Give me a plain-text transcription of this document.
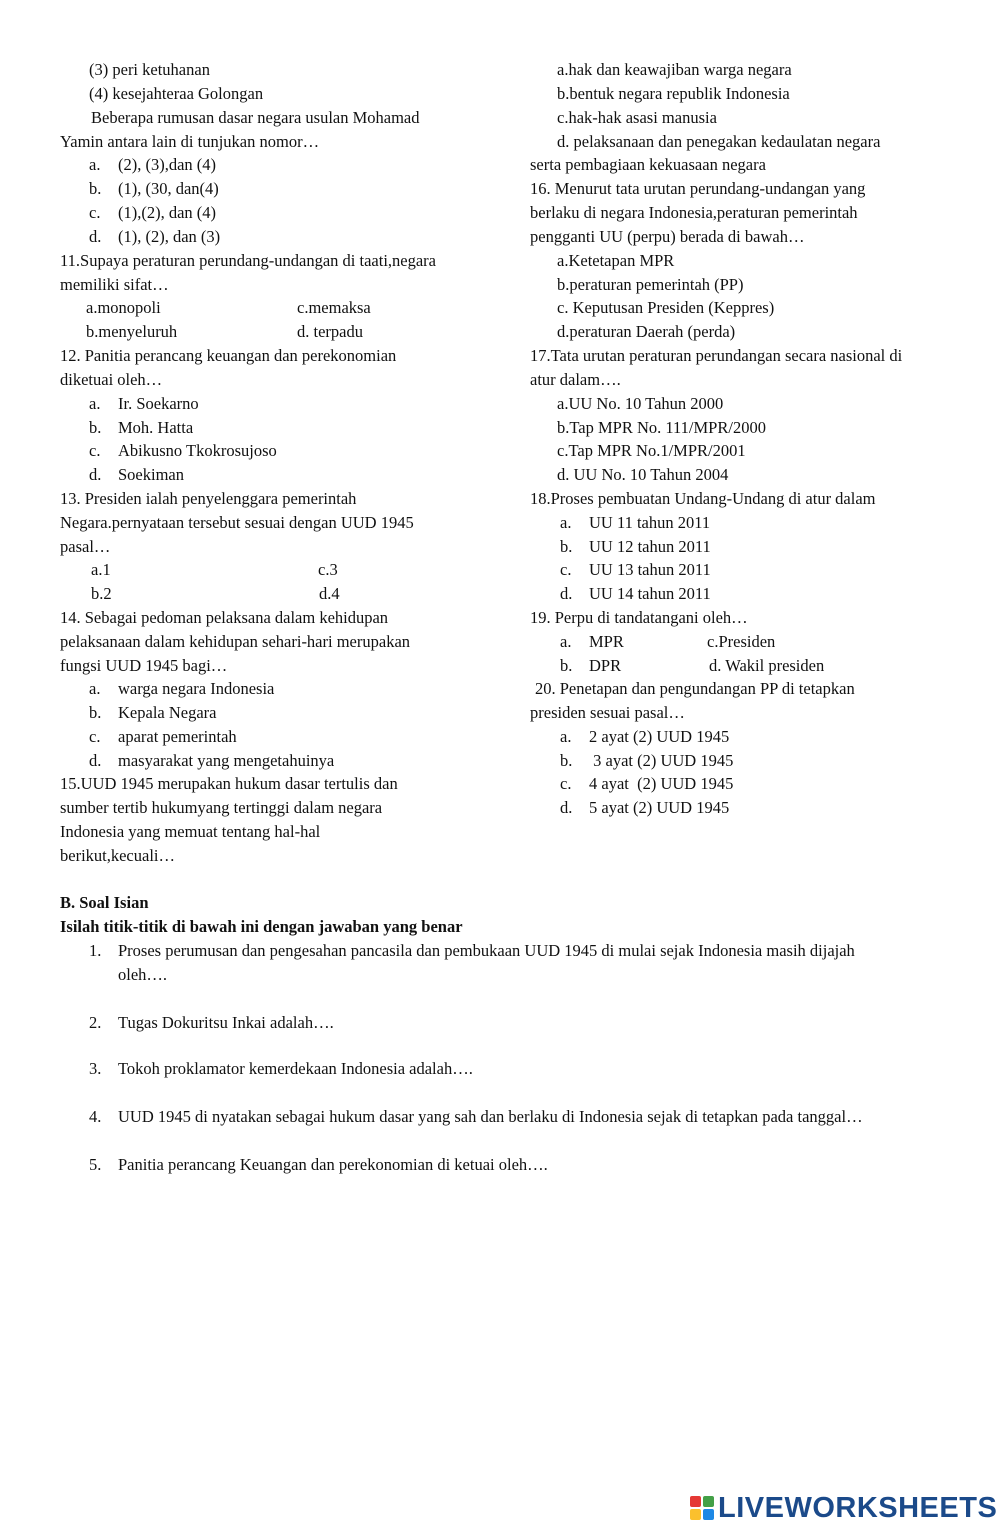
(3) peri ketuhanan
(4) kesejahteraa Golongan
Beberapa rumusan dasar negara usulan Mohamad
Yamin antara lain di tunjukan nomor…
a. (2), (3),dan (4)
b. (1), (30, dan(4)
c. (1),(2), dan (4)
d. (1), (2), dan (3)
11.Supaya peraturan perundang-undangan di taati,negara
memiliki sifat…
a.monopoli	c.memaksa
b.menyeluruh	d. terpadu
12. Panitia perancang keuangan dan perekonomian
diketuai oleh…
a. Ir. Soekarno
b. Moh. Hatta
c. Abikusno Tkokrosujoso
d. Soekiman
13. Presiden ialah penyelenggara pemerintah
Negara.pernyataan tersebut sesuai dengan UUD 1945
pasal…
a.1	c.3
b.2	d.4
14. Sebagai pedoman pelaksana dalam kehidupan
pelaksanaan dalam kehidupan sehari-hari merupakan
fungsi UUD 1945 bagi…
a. warga negara Indonesia
b. Kepala Negara
c. aparat pemerintah
d. masyarakat yang mengetahuinya
15.UUD 1945 merupakan hukum dasar tertulis dan
sumber tertib hukumyang tertinggi dalam negara
Indonesia yang memuat tentang hal-hal
berikut,kecuali…
a.hak dan keawajiban warga negara
b.bentuk negara republik Indonesia
c.hak-hak asasi manusia
d. pelaksanaan dan penegakan kedaulatan negara
serta pembagiaan kekuasaan negara
16. Menurut tata urutan perundang-undangan yang
berlaku di negara Indonesia,peraturan pemerintah
pengganti UU (perpu) berada di bawah…
a.Ketetapan MPR
b.peraturan pemerintah (PP)
c. Keputusan Presiden (Keppres)
d.peraturan Daerah (perda)
17.Tata urutan peraturan perundangan secara nasional di
atur dalam….
a.UU No. 10 Tahun 2000
b.Tap MPR No. 111/MPR/2000
c.Tap MPR No.1/MPR/2001
d. UU No. 10 Tahun 2004
18.Proses pembuatan Undang-Undang di atur dalam
a. UU 11 tahun 2011
b. UU 12 tahun 2011
c. UU 13 tahun 2011
d. UU 14 tahun 2011
19. Perpu di tandatangani oleh…
a. MPR	c.Presiden
b. DPR	d. Wakil presiden
20. Penetapan dan pengundangan PP di tetapkan
presiden sesuai pasal…
a. 2 ayat (2) UUD 1945
b. 3 ayat (2) UUD 1945
c. 4 ayat  (2) UUD 1945
d. 5 ayat (2) UUD 1945
B. Soal Isian
Isilah titik-titik di bawah ini dengan jawaban yang benar
1. Proses perumusan dan pengesahan pancasila dan pembukaan UUD 1945 di mulai sejak Indonesia masih dijajah
oleh….
2. Tugas Dokuritsu Inkai adalah….
3. Tokoh proklamator kemerdekaan Indonesia adalah….
4. UUD 1945 di nyatakan sebagai hukum dasar yang sah dan berlaku di Indonesia sejak di tetapkan pada tanggal…
5. Panitia perancang Keuangan dan perekonomian di ketuai oleh….
LIVEWORKSHEETS
